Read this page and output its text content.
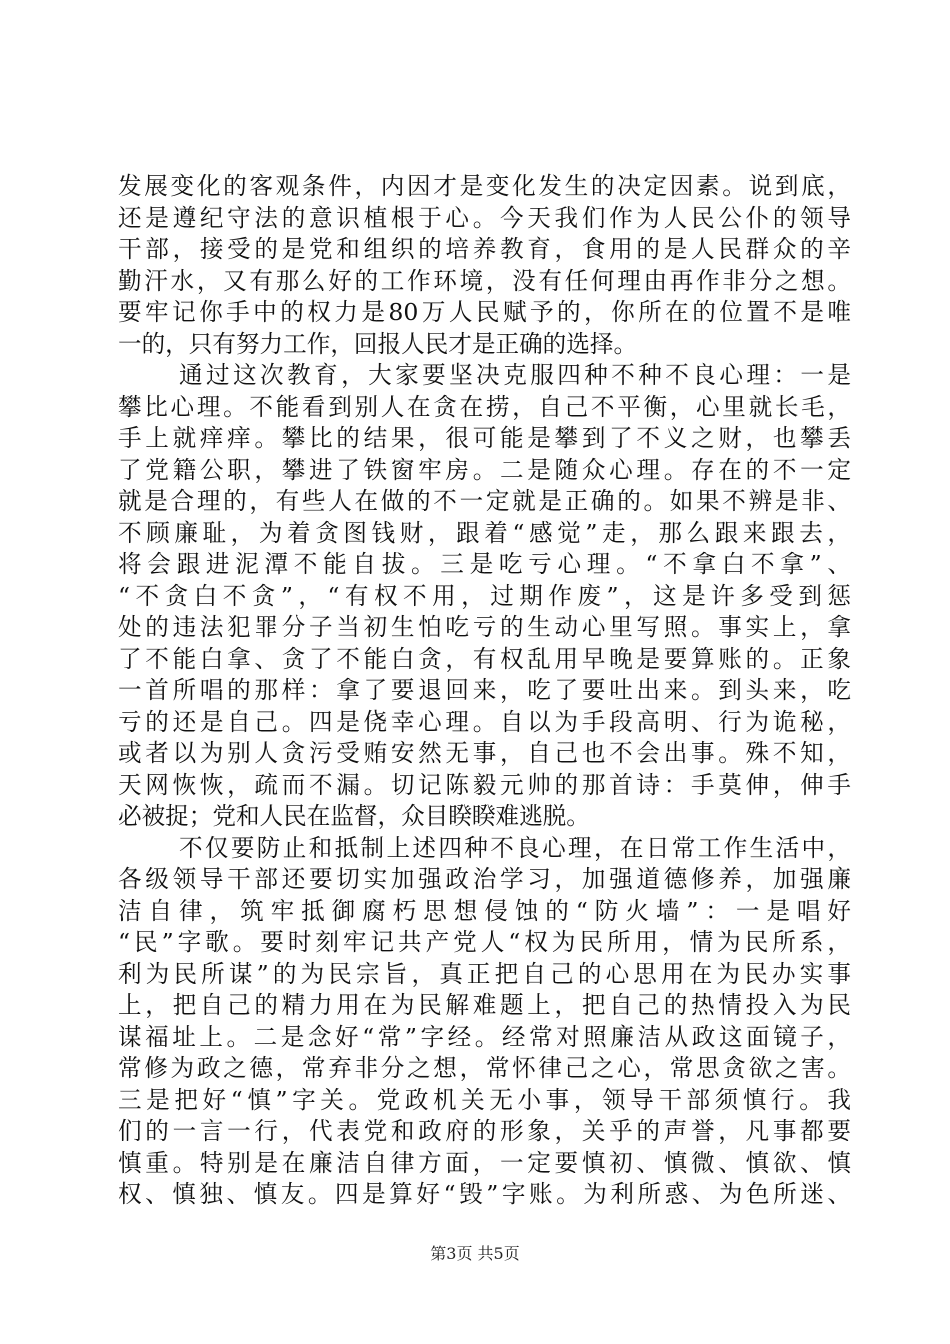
发展变化的客观条件，内因才是变化发生的决定因素。说到底，
还是遵纪守法的意识植根于心。今天我们作为人民公仆的领导
干部，接受的是党和组织的培养教育，食用的是人民群众的辛
勤汗水，又有那么好的工作环境，没有任何理由再作非分之想。
要牢记你手中的权力是80万人民赋予的，你所在的位置不是唯
一的，只有努力工作，回报人民才是正确的选择。
通过这次教育，大家要坚决克服四种不种不良心理：一是
攀比心理。不能看到别人在贪在捞，自己不平衡，心里就长毛，
手上就痒痒。攀比的结果，很可能是攀到了不义之财，也攀丢
了党籍公职，攀进了铁窗牢房。二是随众心理。存在的不一定
就是合理的，有些人在做的不一定就是正确的。如果不辨是非、
不顾廉耻，为着贪图钱财，跟着“感觉”走，那么跟来跟去，
将会跟进泥潭不能自拔。三是吃亏心理。“不拿白不拿”、
“不贪白不贪”，“有权不用，过期作废”，这是许多受到惩
处的违法犯罪分子当初生怕吃亏的生动心里写照。事实上，拿
了不能白拿、贪了不能白贪，有权乱用早晚是要算账的。正象
一首所唱的那样：拿了要退回来，吃了要吐出来。到头来，吃
亏的还是自己。四是侥幸心理。自以为手段高明、行为诡秘，
或者以为别人贪污受贿安然无事，自己也不会出事。殊不知，
天网恢恢，疏而不漏。切记陈毅元帅的那首诗：手莫伸，伸手
必被捉；党和人民在监督，众目睽睽难逃脱。
不仅要防止和抵制上述四种不良心理，在日常工作生活中，
各级领导干部还要切实加强政治学习，加强道德修养，加强廉
洁自律，筑牢抵御腐朽思想侵蚀的“防火墙”：一是唱好
“民”字歌。要时刻牢记共产党人“权为民所用，情为民所系，
利为民所谋”的为民宗旨，真正把自己的心思用在为民办实事
上，把自己的精力用在为民解难题上，把自己的热情投入为民
谋福址上。二是念好“常”字经。经常对照廉洁从政这面镜子，
常修为政之德，常弃非分之想，常怀律己之心，常思贪欲之害。
三是把好“慎”字关。党政机关无小事，领导干部须慎行。我
们的一言一行，代表党和政府的形象，关乎的声誉，凡事都要
慎重。特别是在廉洁自律方面，一定要慎初、慎微、慎欲、慎
权、慎独、慎友。四是算好“毁”字账。为利所惑、为色所迷、
第3页 共5页
